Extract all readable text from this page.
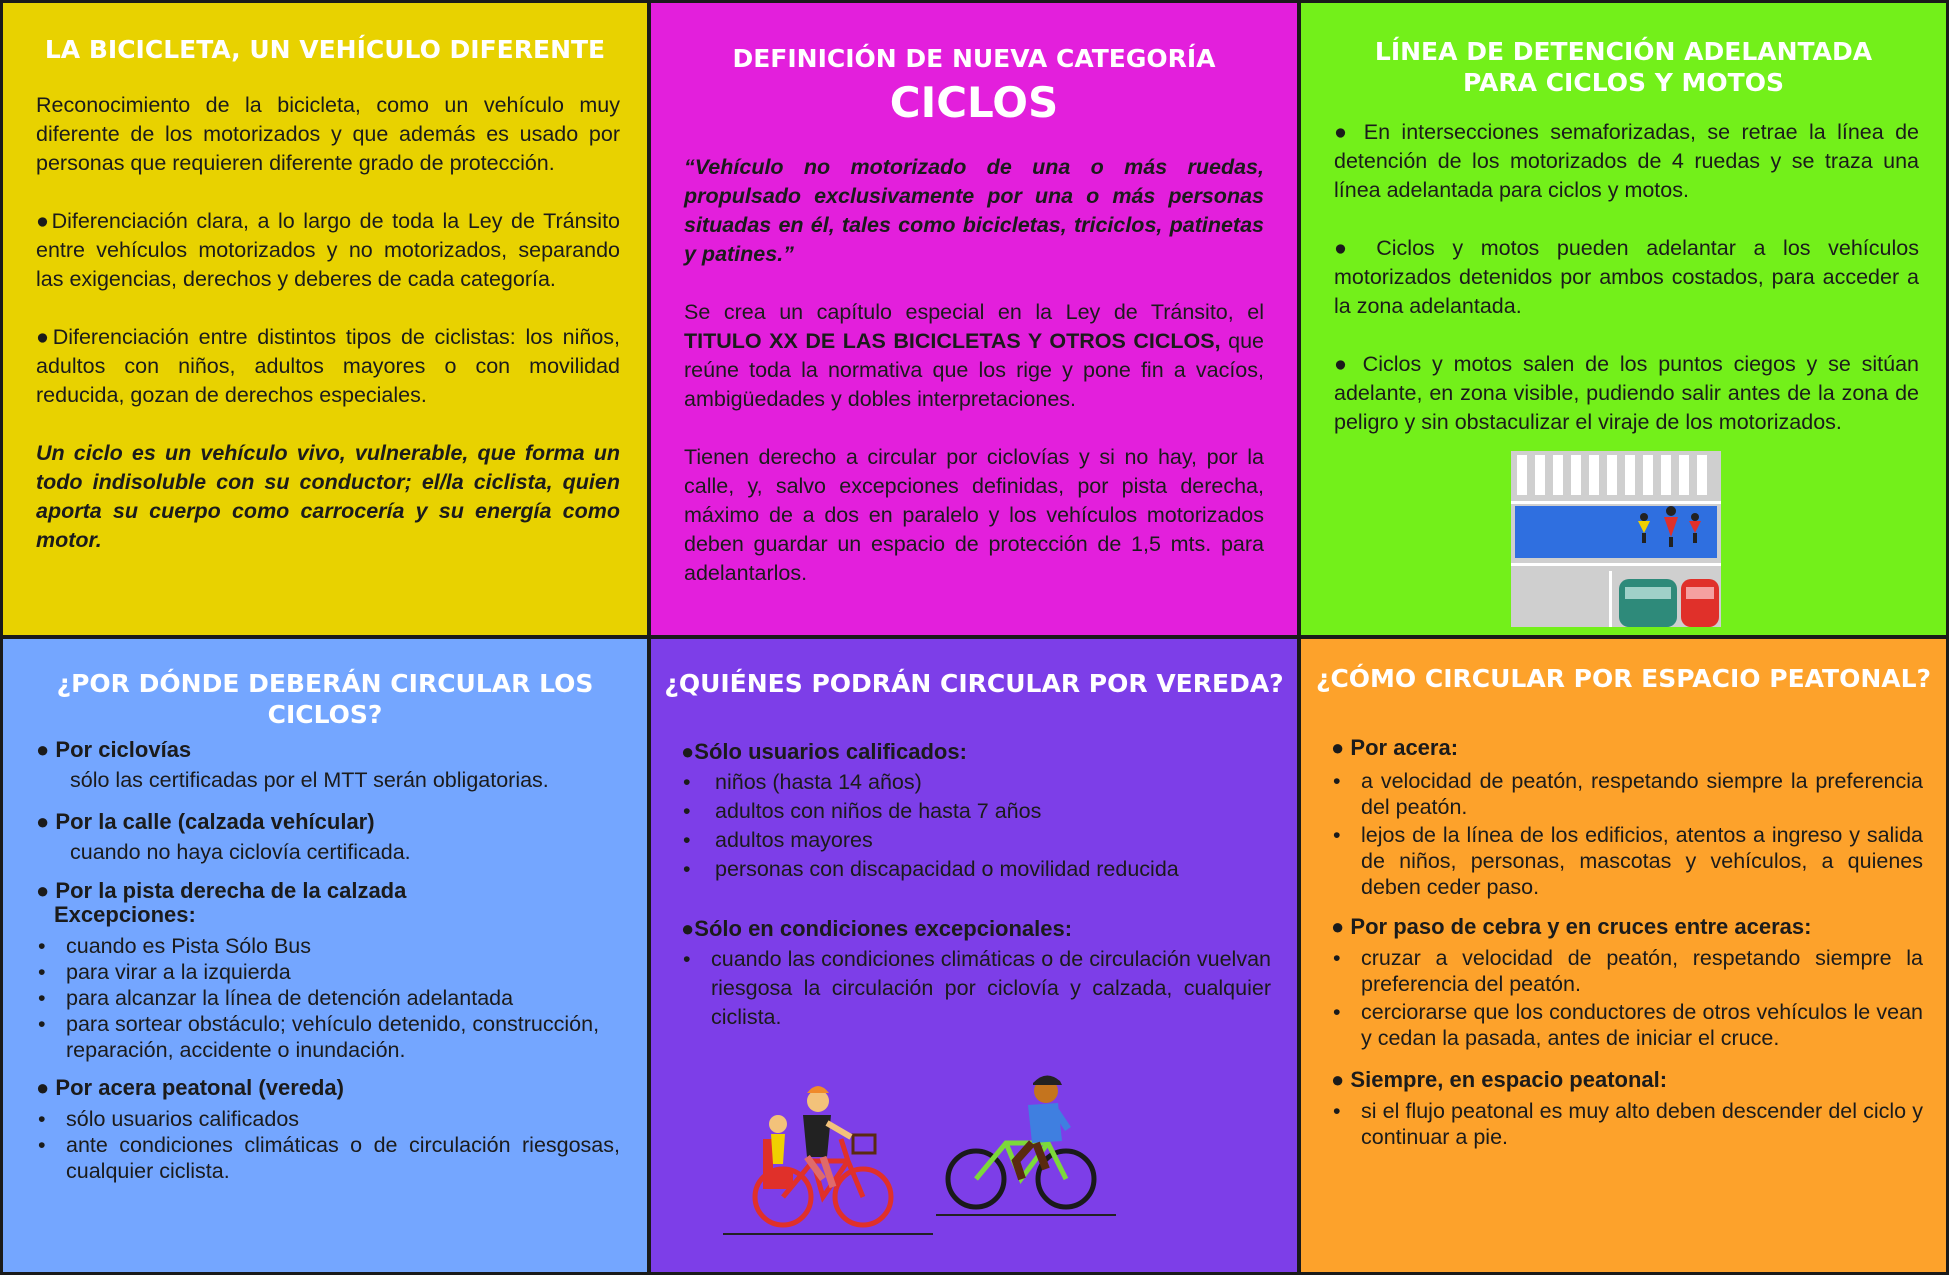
LA BICICLETA, UN VEHÍCULO DIFERENTE

Reconocimiento de la bicicleta, como un vehículo muy diferente de los motorizados y que además es usado por personas que requieren diferente grado de protección.

●Diferenciación clara, a lo largo de toda la Ley de Tránsito entre vehículos motorizados y no motorizados, separando las exigencias, derechos y deberes de cada categoría.

●Diferenciación entre distintos tipos de ciclistas: los niños, adultos con niños, adultos mayores o con movilidad reducida, gozan de derechos especiales.

Un ciclo es un vehículo vivo, vulnerable, que forma un todo indisoluble con su conductor; el/la ciclista, quien aporta su cuerpo como carrocería y su energía como motor.

DEFINICIÓN DE NUEVA CATEGORÍA
CICLOS

“Vehículo no motorizado de una o más ruedas, propulsado exclusivamente por una o más personas situadas en él, tales como bicicletas, triciclos, patinetas y patines.”

Se crea un capítulo especial en la Ley de Tránsito, el TITULO XX DE LAS BICICLETAS Y OTROS CICLOS, que reúne toda la normativa que los rige y pone fin a vacíos, ambigüedades y dobles interpretaciones.

Tienen derecho a circular por ciclovías y si no hay, por la calle, y, salvo excepciones definidas, por pista derecha, máximo de a dos en paralelo y los vehículos motorizados deben guardar un espacio de protección de 1,5 mts. para adelantarlos.

LÍNEA DE DETENCIÓN ADELANTADA PARA CICLOS Y MOTOS

● En intersecciones semaforizadas, se retrae la línea de detención de los motorizados de 4 ruedas y se traza una línea adelantada para ciclos y motos.

● Ciclos y motos pueden adelantar a los vehículos motorizados detenidos por ambos costados, para acceder a la zona adelantada.

● Ciclos y motos salen de los puntos ciegos y se sitúan adelante, en zona visible, pudiendo salir antes de la zona de peligro y sin obstaculizar el viraje de los motorizados.

¿POR DÓNDE DEBERÁN CIRCULAR LOS CICLOS?
● Por ciclovías
sólo las certificadas por el MTT serán obligatorias.
● Por la calle (calzada vehícular)
cuando no haya ciclovía certificada.
● Por la pista derecha de la calzada
Excepciones:
• cuando es Pista Sólo Bus
• para virar a la izquierda
• para alcanzar la línea de detención adelantada
• para sortear obstáculo; vehículo detenido, construcción, reparación, accidente o inundación.
● Por acera peatonal (vereda)
• sólo usuarios calificados
• ante condiciones climáticas o de circulación riesgosas, cualquier ciclista.
¿QUIÉNES PODRÁN CIRCULAR POR VEREDA?
●Sólo usuarios calificados:
• niños (hasta 14 años)
• adultos con niños de hasta 7 años
• adultos mayores
• personas con discapacidad o movilidad reducida
●Sólo en condiciones excepcionales:
• cuando las condiciones climáticas o de circulación vuelvan riesgosa la circulación por ciclovía y calzada, cualquier ciclista.
¿CÓMO CIRCULAR POR ESPACIO PEATONAL?
● Por acera:
• a velocidad de peatón, respetando siempre la preferencia del peatón.
• lejos de la línea de los edificios, atentos a ingreso y salida de niños, personas, mascotas y vehículos, a quienes deben ceder paso.
● Por paso de cebra y en cruces entre aceras:
• cruzar a velocidad de peatón, respetando siempre la preferencia del peatón.
• cerciorarse que los conductores de otros vehículos le vean y cedan la pasada, antes de iniciar el cruce.
● Siempre, en espacio peatonal:
• si el flujo peatonal es muy alto deben descender del ciclo y continuar a pie.
